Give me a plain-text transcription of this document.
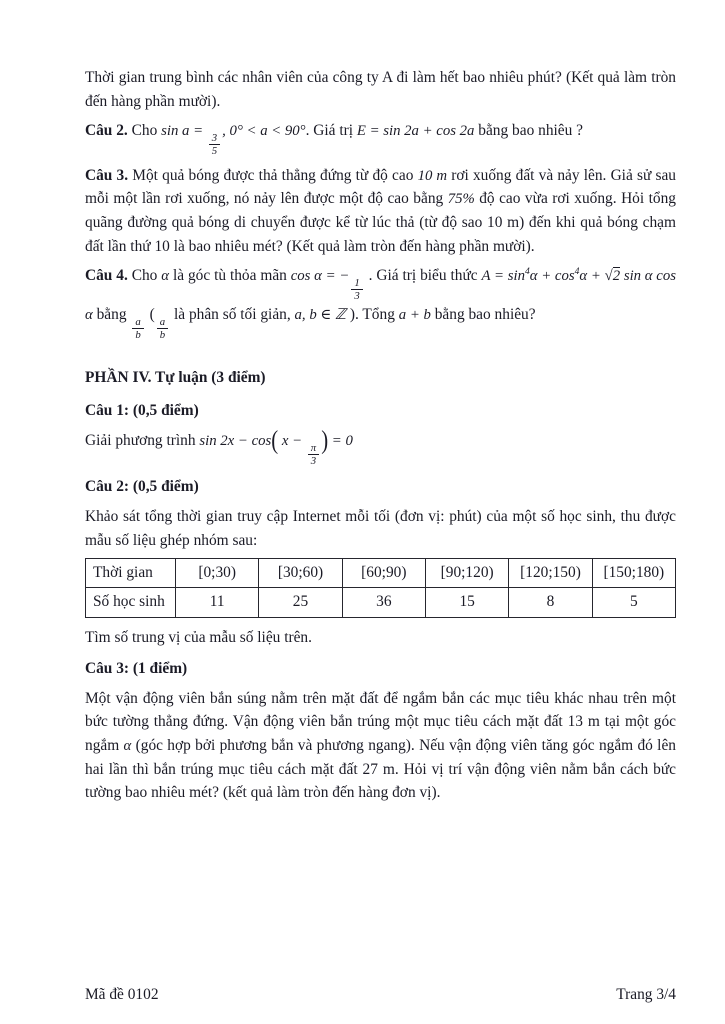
Thời gian trung bình các nhân viên của công ty A đi làm hết bao nhiêu phút? (Kết quả làm tròn đến hàng phần mười).

Câu 2. Cho sin a =
$\frac{3}{5}$
, 0° < a < 90°. Giá trị E = sin 2a + cos 2a bằng bao nhiêu ?

Câu 3. Một quả bóng được thả thẳng đứng từ độ cao 10 m rơi xuống đất và nảy lên. Giả sử sau mỗi một lần rơi xuống, nó nảy lên được một độ cao bằng 75% độ cao vừa rơi xuống. Hỏi tổng quãng đường quả bóng di chuyển được kể từ lúc thả (từ độ sao 10 m) đến khi quả bóng chạm đất lần thứ 10 là bao nhiêu mét? (Kết quả làm tròn đến hàng phần mười).

Câu 4. Cho α là góc tù thỏa mãn cos α = −
$\frac{1}{3}$
. Giá trị biểu thức $A = \sin^4\alpha + \cos^4\alpha + √2$ sin α cos α bằng
$\frac{a}{b}$
(
$\frac{a}{b}$
là phân số tối giản, a, b ∈ ℤ ). Tổng a + b bằng bao nhiêu?

PHẦN IV. Tự luận (3 điểm)

Câu 1: (0,5 điểm)

Giải phương trình sin 2x − cos( x −
$\frac{\pi}{3}$ ) = 0

Câu 2: (0,5 điểm)

Khảo sát tổng thời gian truy cập Internet mỗi tối (đơn vị: phút) của một số học sinh, thu được mẫu số liệu ghép nhóm sau:

Thời gian	[0;30)	[30;60)	[60;90)	[90;120)	[120;150)	[150;180)
Số học sinh	11	25	36	15	8	5

Tìm số trung vị của mẫu số liệu trên.

Câu 3: (1 điểm)

Một vận động viên bắn súng nằm trên mặt đất để ngắm bắn các mục tiêu khác nhau trên một bức tường thẳng đứng. Vận động viên bắn trúng một mục tiêu cách mặt đất 13 m tại một góc ngắm α (góc hợp bởi phương bắn và phương ngang). Nếu vận động viên tăng góc ngắm đó lên hai lần thì bắn trúng mục tiêu cách mặt đất 27 m. Hỏi vị trí vận động viên nằm bắn cách bức tường bao nhiêu mét? (kết quả làm tròn đến hàng đơn vị).

Mã đề 0102	Trang 3/4
